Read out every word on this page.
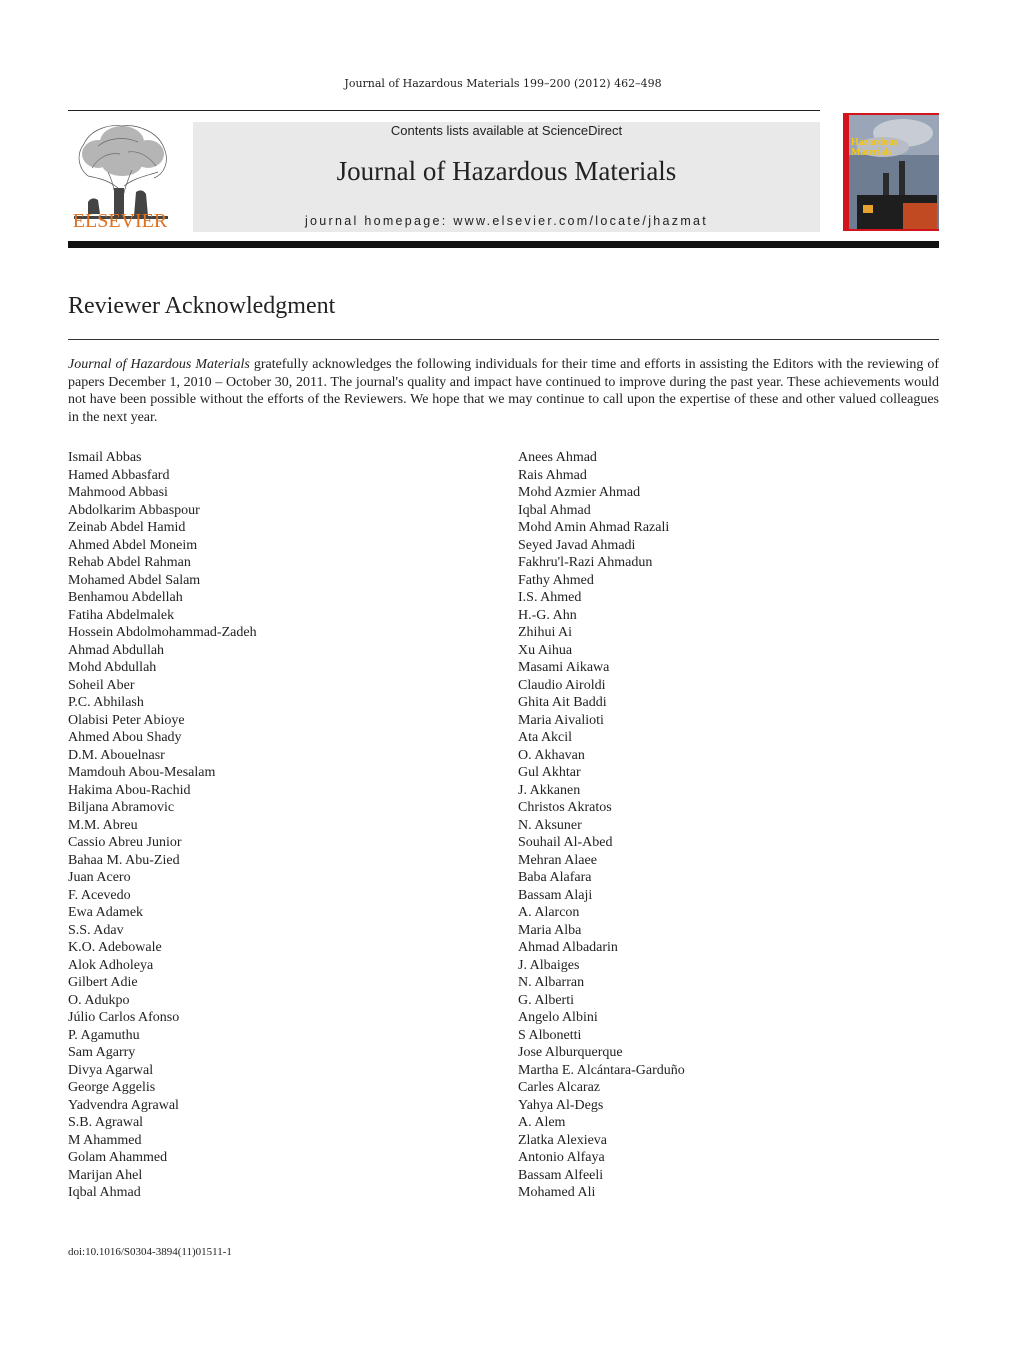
Journal of Hazardous Materials 199–200 (2012) 462–498
ELSEVIER
Contents lists available at ScienceDirect
Journal of Hazardous Materials
journal homepage: www.elsevier.com/locate/jhazmat
Hazardous
Materials
Reviewer Acknowledgment
Journal of Hazardous Materials gratefully acknowledges the following individuals for their time and efforts in assisting the Editors with the reviewing of papers December 1, 2010 – October 30, 2011. The journal's quality and impact have continued to improve during the past year. These achievements would not have been possible without the efforts of the Reviewers. We hope that we may continue to call upon the expertise of these and other valued colleagues in the next year.
Ismail Abbas
Hamed Abbasfard
Mahmood Abbasi
Abdolkarim Abbaspour
Zeinab Abdel Hamid
Ahmed Abdel Moneim
Rehab Abdel Rahman
Mohamed Abdel Salam
Benhamou Abdellah
Fatiha Abdelmalek
Hossein Abdolmohammad-Zadeh
Ahmad Abdullah
Mohd Abdullah
Soheil Aber
P.C. Abhilash
Olabisi Peter Abioye
Ahmed Abou Shady
D.M. Abouelnasr
Mamdouh Abou-Mesalam
Hakima Abou-Rachid
Biljana Abramovic
M.M. Abreu
Cassio Abreu Junior
Bahaa M. Abu-Zied
Juan Acero
F. Acevedo
Ewa Adamek
S.S. Adav
K.O. Adebowale
Alok Adholeya
Gilbert Adie
O. Adukpo
Júlio Carlos Afonso
P. Agamuthu
Sam Agarry
Divya Agarwal
George Aggelis
Yadvendra Agrawal
S.B. Agrawal
M Ahammed
Golam Ahammed
Marijan Ahel
Iqbal Ahmad
Anees Ahmad
Rais Ahmad
Mohd Azmier Ahmad
Iqbal Ahmad
Mohd Amin Ahmad Razali
Seyed Javad Ahmadi
Fakhru'l-Razi Ahmadun
Fathy Ahmed
I.S. Ahmed
H.-G. Ahn
Zhihui Ai
Xu Aihua
Masami Aikawa
Claudio Airoldi
Ghita Ait Baddi
Maria Aivalioti
Ata Akcil
O. Akhavan
Gul Akhtar
J. Akkanen
Christos Akratos
N. Aksuner
Souhail Al-Abed
Mehran Alaee
Baba Alafara
Bassam Alaji
A. Alarcon
Maria Alba
Ahmad Albadarin
J. Albaiges
N. Albarran
G. Alberti
Angelo Albini
S Albonetti
Jose Alburquerque
Martha E. Alcántara-Garduño
Carles Alcaraz
Yahya Al-Degs
A. Alem
Zlatka Alexieva
Antonio Alfaya
Bassam Alfeeli
Mohamed Ali
doi:10.1016/S0304-3894(11)01511-1
